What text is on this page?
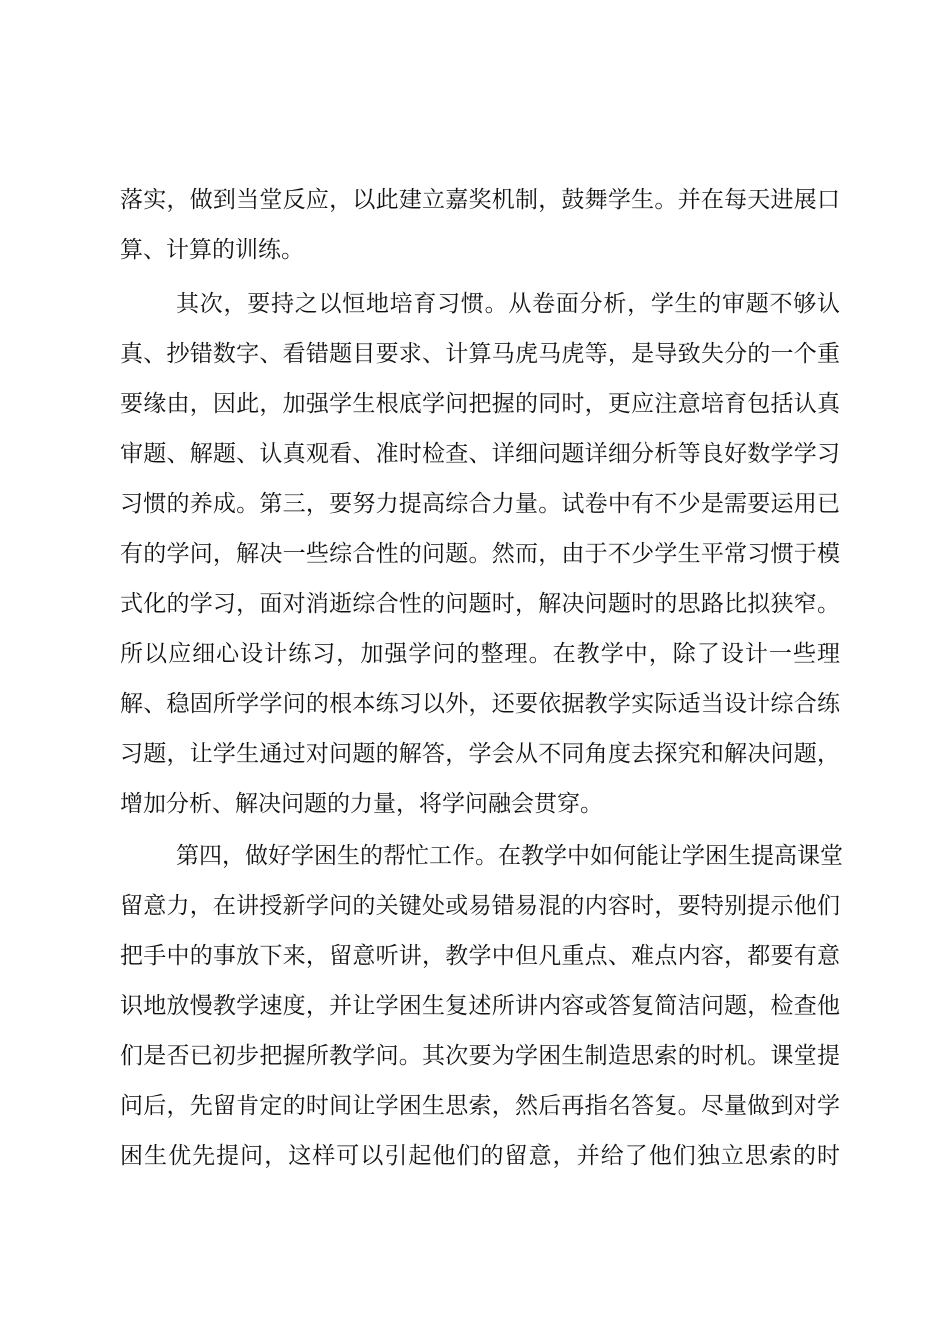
落实，做到当堂反应，以此建立嘉奖机制，鼓舞学生。并在每天进展口
算、计算的训练。
其次，要持之以恒地培育习惯。从卷面分析，学生的审题不够认
真、抄错数字、看错题目要求、计算马虎马虎等，是导致失分的一个重
要缘由，因此，加强学生根底学问把握的同时，更应注意培育包括认真
审题、解题、认真观看、准时检查、详细问题详细分析等良好数学学习
习惯的养成。第三，要努力提高综合力量。试卷中有不少是需要运用已
有的学问，解决一些综合性的问题。然而，由于不少学生平常习惯于模
式化的学习，面对消逝综合性的问题时，解决问题时的思路比拟狭窄。
所以应细心设计练习，加强学问的整理。在教学中，除了设计一些理
解、稳固所学学问的根本练习以外，还要依据教学实际适当设计综合练
习题，让学生通过对问题的解答，学会从不同角度去探究和解决问题，
增加分析、解决问题的力量，将学问融会贯穿。
第四，做好学困生的帮忙工作。在教学中如何能让学困生提高课堂
留意力，在讲授新学问的关键处或易错易混的内容时，要特别提示他们
把手中的事放下来，留意听讲，教学中但凡重点、难点内容，都要有意
识地放慢教学速度，并让学困生复述所讲内容或答复简洁问题，检查他
们是否已初步把握所教学问。其次要为学困生制造思索的时机。课堂提
问后，先留肯定的时间让学困生思索，然后再指名答复。尽量做到对学
困生优先提问，这样可以引起他们的留意，并给了他们独立思索的时
